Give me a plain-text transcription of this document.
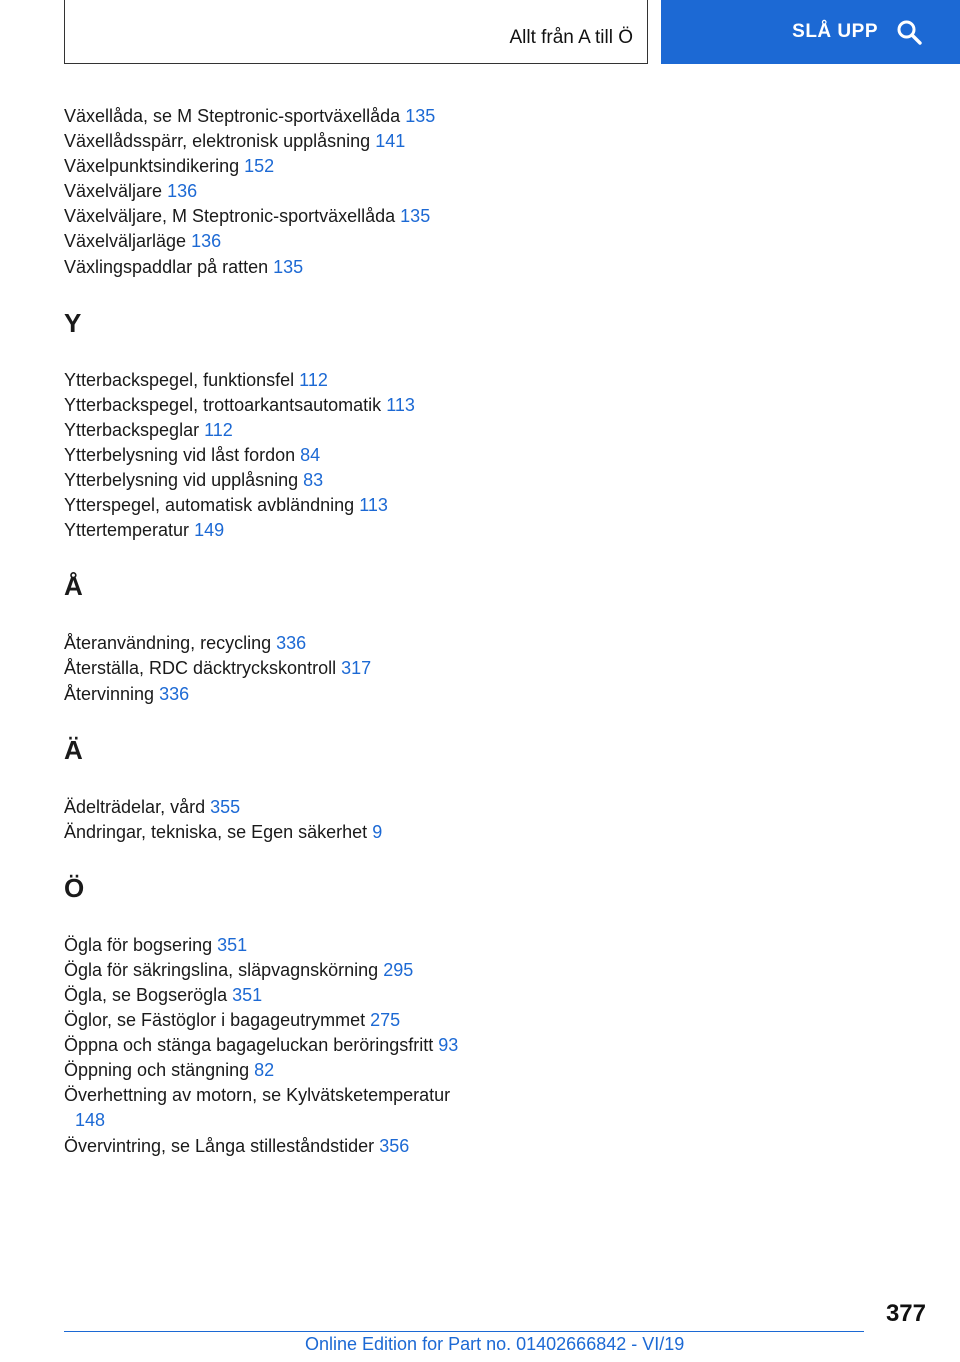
Allt från A till Ö	SLÅ UPP
Växellåda, se M Steptronic-sportväxellåda 135
Växellådsspärr, elektronisk upplåsning 141
Växelpunktsindikering 152
Växelväljare 136
Växelväljare, M Steptronic-sportväxellåda 135
Växelväljarläge 136
Växlingspaddlar på ratten 135
Y
Ytterbackspegel, funktionsfel 112
Ytterbackspegel, trottoarkantsautomatik 113
Ytterbackspeglar 112
Ytterbelysning vid låst fordon 84
Ytterbelysning vid upplåsning 83
Ytterspegel, automatisk avbländning 113
Yttertemperatur 149
Å
Återanvändning, recycling 336
Återställa, RDC däcktryckskontroll 317
Återvinning 336
Ä
Ädelträdelar, vård 355
Ändringar, tekniska, se Egen säkerhet 9
Ö
Ögla för bogsering 351
Ögla för säkringslina, släpvagnskörning 295
Ögla, se Bogserögla 351
Öglor, se Fästöglor i bagageutrymmet 275
Öppna och stänga bagageluckan beröringsfritt 93
Öppning och stängning 82
Överhettning av motorn, se Kylvätsketemperatur 148
Övervintring, se Långa stilleståndstider 356
377
Online Edition for Part no. 01402666842 - VI/19
